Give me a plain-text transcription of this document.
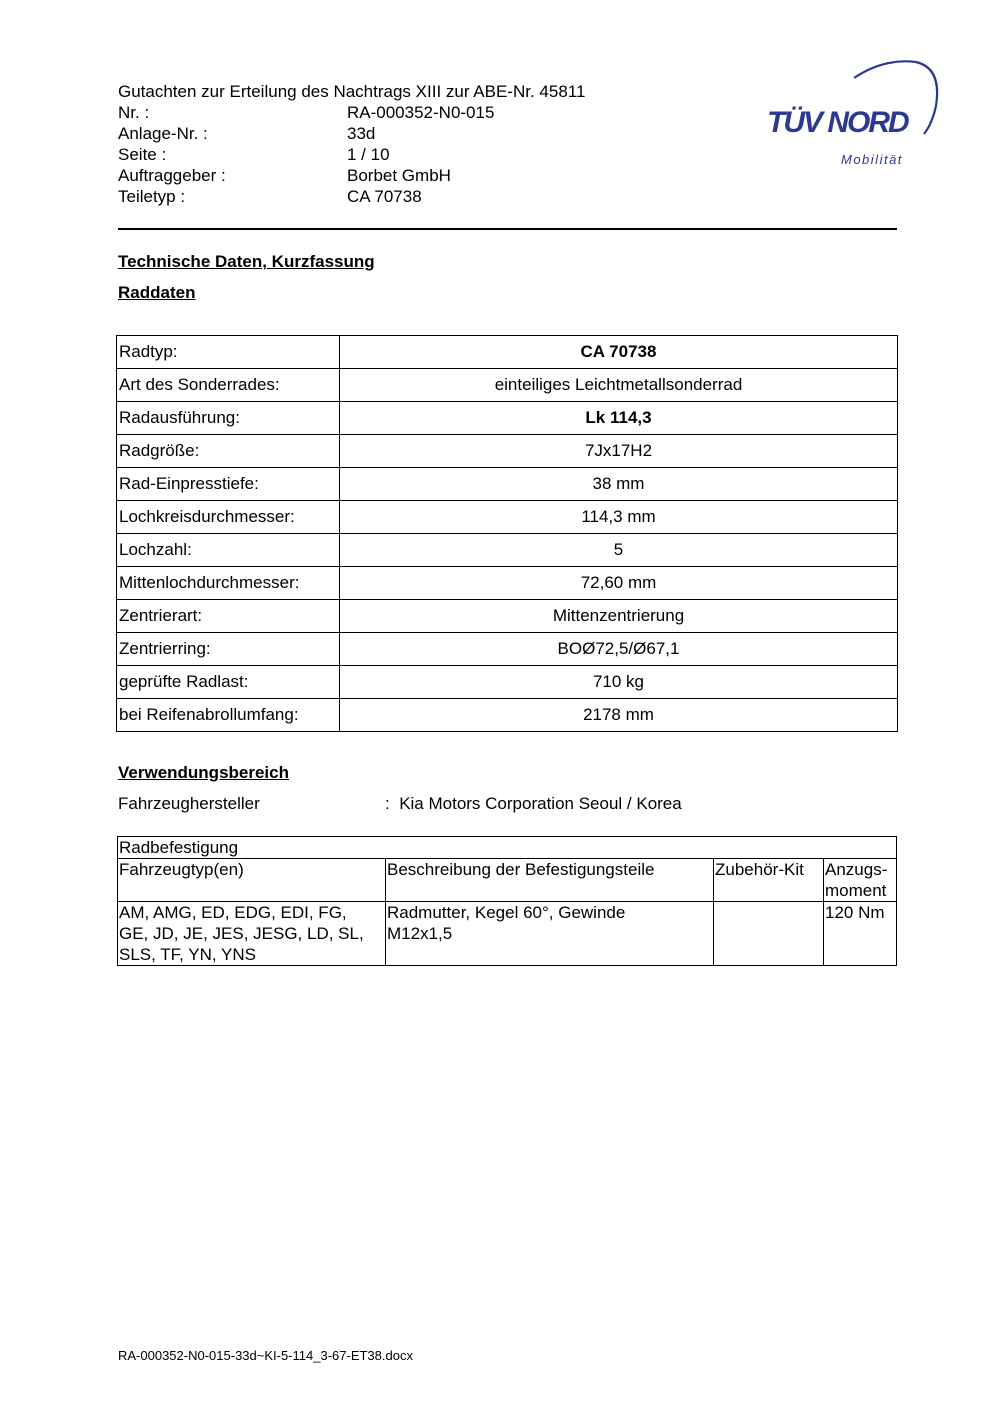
Gutachten zur Erteilung des Nachtrags XIII zur ABE-Nr. 45811
Nr. :	RA-000352-N0-015
Anlage-Nr. :	33d
Seite :	1 / 10
Auftraggeber :	Borbet GmbH
Teiletyp :	CA 70738
TÜV NORD
Mobilität
Technische Daten, Kurzfassung
Raddaten
Radtyp:	CA 70738
Art des Sonderrades:	einteiliges Leichtmetallsonderrad
Radausführung:	Lk 114,3
Radgröße:	7Jx17H2
Rad-Einpresstiefe:	38 mm
Lochkreisdurchmesser:	114,3 mm
Lochzahl:	5
Mittenlochdurchmesser:	72,60 mm
Zentrierart:	Mittenzentrierung
Zentrierring:	BOØ72,5/Ø67,1
geprüfte Radlast:	710 kg
bei Reifenabrollumfang:	2178 mm
Verwendungsbereich
Fahrzeughersteller	: Kia Motors Corporation Seoul / Korea
Radbefestigung			
Fahrzeugtyp(en)	Beschreibung der Befestigungsteile	Zubehör-Kit	Anzugs-
moment
AM, AMG, ED, EDG, EDI, FG,
GE, JD, JE, JES, JESG, LD, SL,
SLS, TF, YN, YNS	Radmutter, Kegel 60°, Gewinde
M12x1,5		120 Nm
RA-000352-N0-015-33d~KI-5-114_3-67-ET38.docx
